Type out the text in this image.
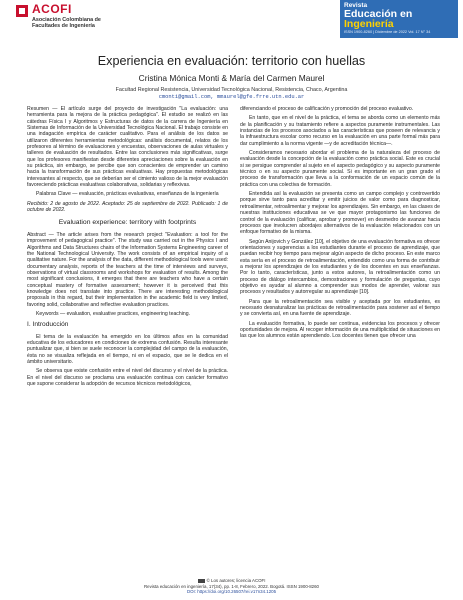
ACOFI
Asociación Colombiana de Facultades de Ingeniería
Revista
Educación en
Ingeniería
ISSN 1900-8260 | Diciembre de 2022 Vol. 17 N° 34
Experiencia en evaluación: territorio con huellas
Cristina Mónica Monti & María del Carmen Maurel
Facultad Regional Resistencia, Universidad Tecnológica Nacional, Resistencia, Chaco, Argentina
cmonti@gmail.com, mmaurel@gfe.frre.utn.edu.ar

Resumen — El artículo surge del proyecto de investigación "La evaluación: una herramienta para la mejora de la práctica pedagógica". El estudio se realizó en las cátedras Física I y Algoritmos y Estructuras de datos de la carrera de Ingeniería en Sistemas de Información de la Universidad Tecnológica Nacional. El trabajo consiste en una indagación empírica de carácter cualitativo. Para el análisis de los datos se utilizaron diferentes herramientas metodológicas: análisis documental, relatos de los profesores al término de evaluaciones y encuestas, observaciones de aulas virtuales y talleres de evaluación de resultados. Entre las conclusiones más significativas, surge que los profesores manifiestan desde diferentes apreciaciones sobre la evaluación en su práctica, sin embargo, se percibe que son conscientes de emprender un camino hacia la transformación de sus prácticas evaluativas. Hay propuestas metodológicas interesantes al respecto, que se deberían ser el cimiento valioso de la mejor evaluación favoreciendo prácticas evaluativas colaborativas, solidarias y reflexivas.

Palabras Clave — evaluación, prácticas evaluativas, enseñanza de la ingeniería

Recibido: 2 de agosto de 2022. Aceptado: 25 de septiembre de 2022. Publicado: 1 de octubre de 2022.

Evaluation experience: territory with footprints

Abstract — The article arises from the research project "Evaluation: a tool for the improvement of pedagogical practice". The study was carried out in the Physics I and Algorithms and Data Structures chairs of the Information Systems Engineering career of the National Technological University. The work consists of an empirical inquiry of a qualitative nature. For the analysis of the data, different methodological tools were used: documentary analysis, reports of the teachers at the time of interviews and surveys, observations of virtual classrooms and workshops for evaluation of results. Among the most significant conclusions, it emerges that there are teachers who have a certain conceptual mastery of formative assessment; however it is perceived that this knowledge does not translate into practice. There are interesting methodological proposals in this regard, but their implementation in the academic field is very limited, favoring solid, collaborative and reflective evaluation practices.

Keywords — evaluation, evaluative practices, engineering teaching.

I. Introducción

El tema de la evaluación ha emergido en los últimos años en la comunidad educativa de los educadores en condiciones de extrema confusión. Resulta interesante puntualizar que, si bien se suele reconocer la complejidad del campo de la evaluación, ésta no se visualiza reflejada en el tiempo, ni en el espacio, que se le dedica en el ámbito universitario.

Se observa que existe confusión entre el nivel del discurso y el nivel de la práctica. En el nivel del discurso se proclama una evaluación continua con carácter formativo que supone considerar la adopción de recursos técnicos metodológicos,

diferenciando el proceso de calificación y promoción del proceso evaluativo.

En tanto, que en el nivel de la práctica, el tema se aborda como un elemento más de la planificación y su tratamiento refiere a aspectos puramente instrumentales. Las instancias de los procesos asociados a las características que poseen de relevancia y la infraestructura escolar como recurso en la evaluación en una parte formal más para dar cumplimiento a la norma vigente —y de acreditación técnica—.

Consideramos necesario abordar el problema de la naturaleza del proceso de evaluación desde la concepción de la evaluación como práctica social. Este es crucial si se persigue comprender al sujeto en el aspecto pedagógico y su aspecto puramente técnico o en su aspecto puramente social. Si es importante en un gran grado el proceso de transformación que lleva a la conformación de un espacio común de la práctica con una colectiva de formación.

Entendida así la evaluación se presenta como un campo complejo y controvertido porque sirve tanto para acreditar y emitir juicios de valor como para diagnosticar, retroalimentar, retroalimentar y mejorar los aprendizajes. Sin embargo, en las clases de nuestras instituciones educativas se ve que mayor protagonismo las funciones de control de la evaluación (calificar, aprobar y promover) en desmedro de avanzar hacia procesos que involucren abordajes alternativos de la evaluación relacionados con un enfoque formativo de la misma.

Según Anijovich y González [10], el objetivo de una evaluación formativa es ofrecer orientaciones y sugerencias a los estudiantes durante el proceso de aprendizaje, que puedan recibir hoy tiempo para mejorar algún aspecto de dicho proceso. En este marco esta sería en el proceso de retroalimentación, entendido como una forma de contribuir a mejorar los aprendizajes de los estudiantes y de los docentes en sus enseñanzas. Por lo tanto, características, junto a estos autores, la retroalimentación como un proceso de diálogo intercambios, demostraciones y formulación de preguntas, cuyo objetivo es ayudar al alumno a comprender sus modos de aprender, valorar sus procesos y resultados y autorregular su aprendizaje [10].

Para que la retroalimentación sea visible y aceptada por los estudiantes, es necesario desnaturalizar las prácticas de retroalimentación para sostener así el tiempo y se convierta así, en una fuente de aprendizaje.

La evaluación formativa, lo puede ser continua, evidencias los procesos y ofrecer oportunidades de mejora. Al recoger información de una multiplicidad de situaciones en las que los alumnos están aprendiendo. Los docentes tienen que ofrecer una

© Los autores; licencia ACOFI
Revista educación en ingeniería, 17(34), pp. 1-8, Febrero, 2022. Bogotá. ISSN 1900-8260
DOI: https://doi.org/10.26507/rei.v17n34.1205
